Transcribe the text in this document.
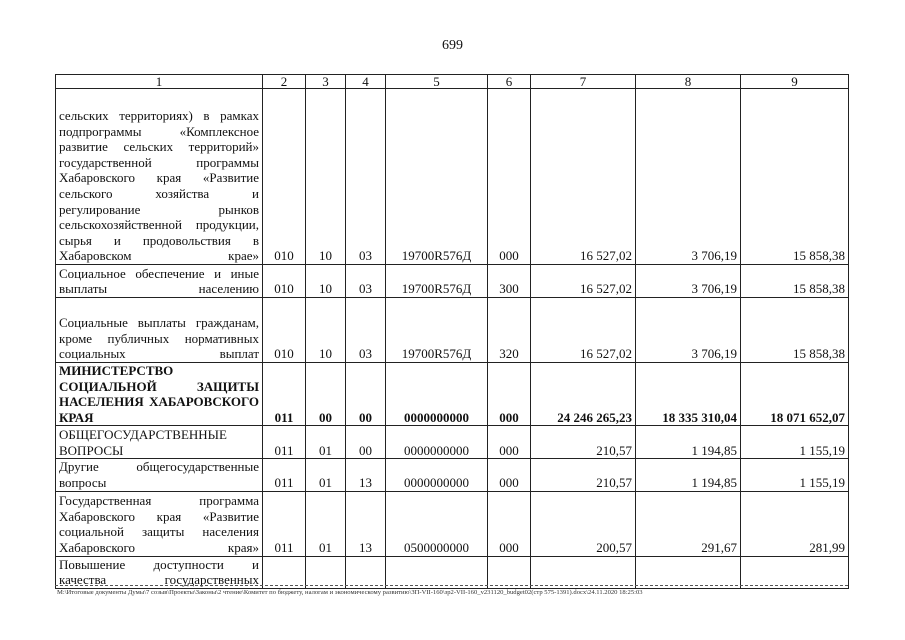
699
1	2	3	4	5	6	7	8	9
сельских территориях) в рамках подпрограммы «Комплексное развитие сельских территорий» государственной программы Хабаровского края «Развитие сельского хозяйства и регулирование рынков сельскохозяйственной продукции, сырья и продовольствия в Хабаровском крае»	010	10	03	19700R576Д	000	16 527,02	3 706,19	15 858,38
Социальное обеспечение и иные выплаты населению	010	10	03	19700R576Д	300	16 527,02	3 706,19	15 858,38
Социальные выплаты гражданам, кроме публичных нормативных социальных выплат	010	10	03	19700R576Д	320	16 527,02	3 706,19	15 858,38
МИНИСТЕРСТВО СОЦИАЛЬНОЙ ЗАЩИТЫ НАСЕЛЕНИЯ ХАБАРОВСКОГО КРАЯ	011	00	00	0000000000	000	24 246 265,23	18 335 310,04	18 071 652,07
ОБЩЕГОСУДАРСТВЕННЫЕ ВОПРОСЫ	011	01	00	0000000000	000	210,57	1 194,85	1 155,19
Другие общегосударственные вопросы	011	01	13	0000000000	000	210,57	1 194,85	1 155,19
Государственная программа Хабаровского края «Развитие социальной защиты населения Хабаровского края»	011	01	13	0500000000	000	200,57	291,67	281,99
Повышение доступности и качества государственных								
М:\Итоговые документы Думы\7 созыв\Проекты\Законы\2 чтение\Комитет по бюджету, налогам и экономическому развитию\ЗП-VII-160\зр2-VII-160_v231120_budget02(стр 575-1391).docx\24.11.2020 18:25:03
